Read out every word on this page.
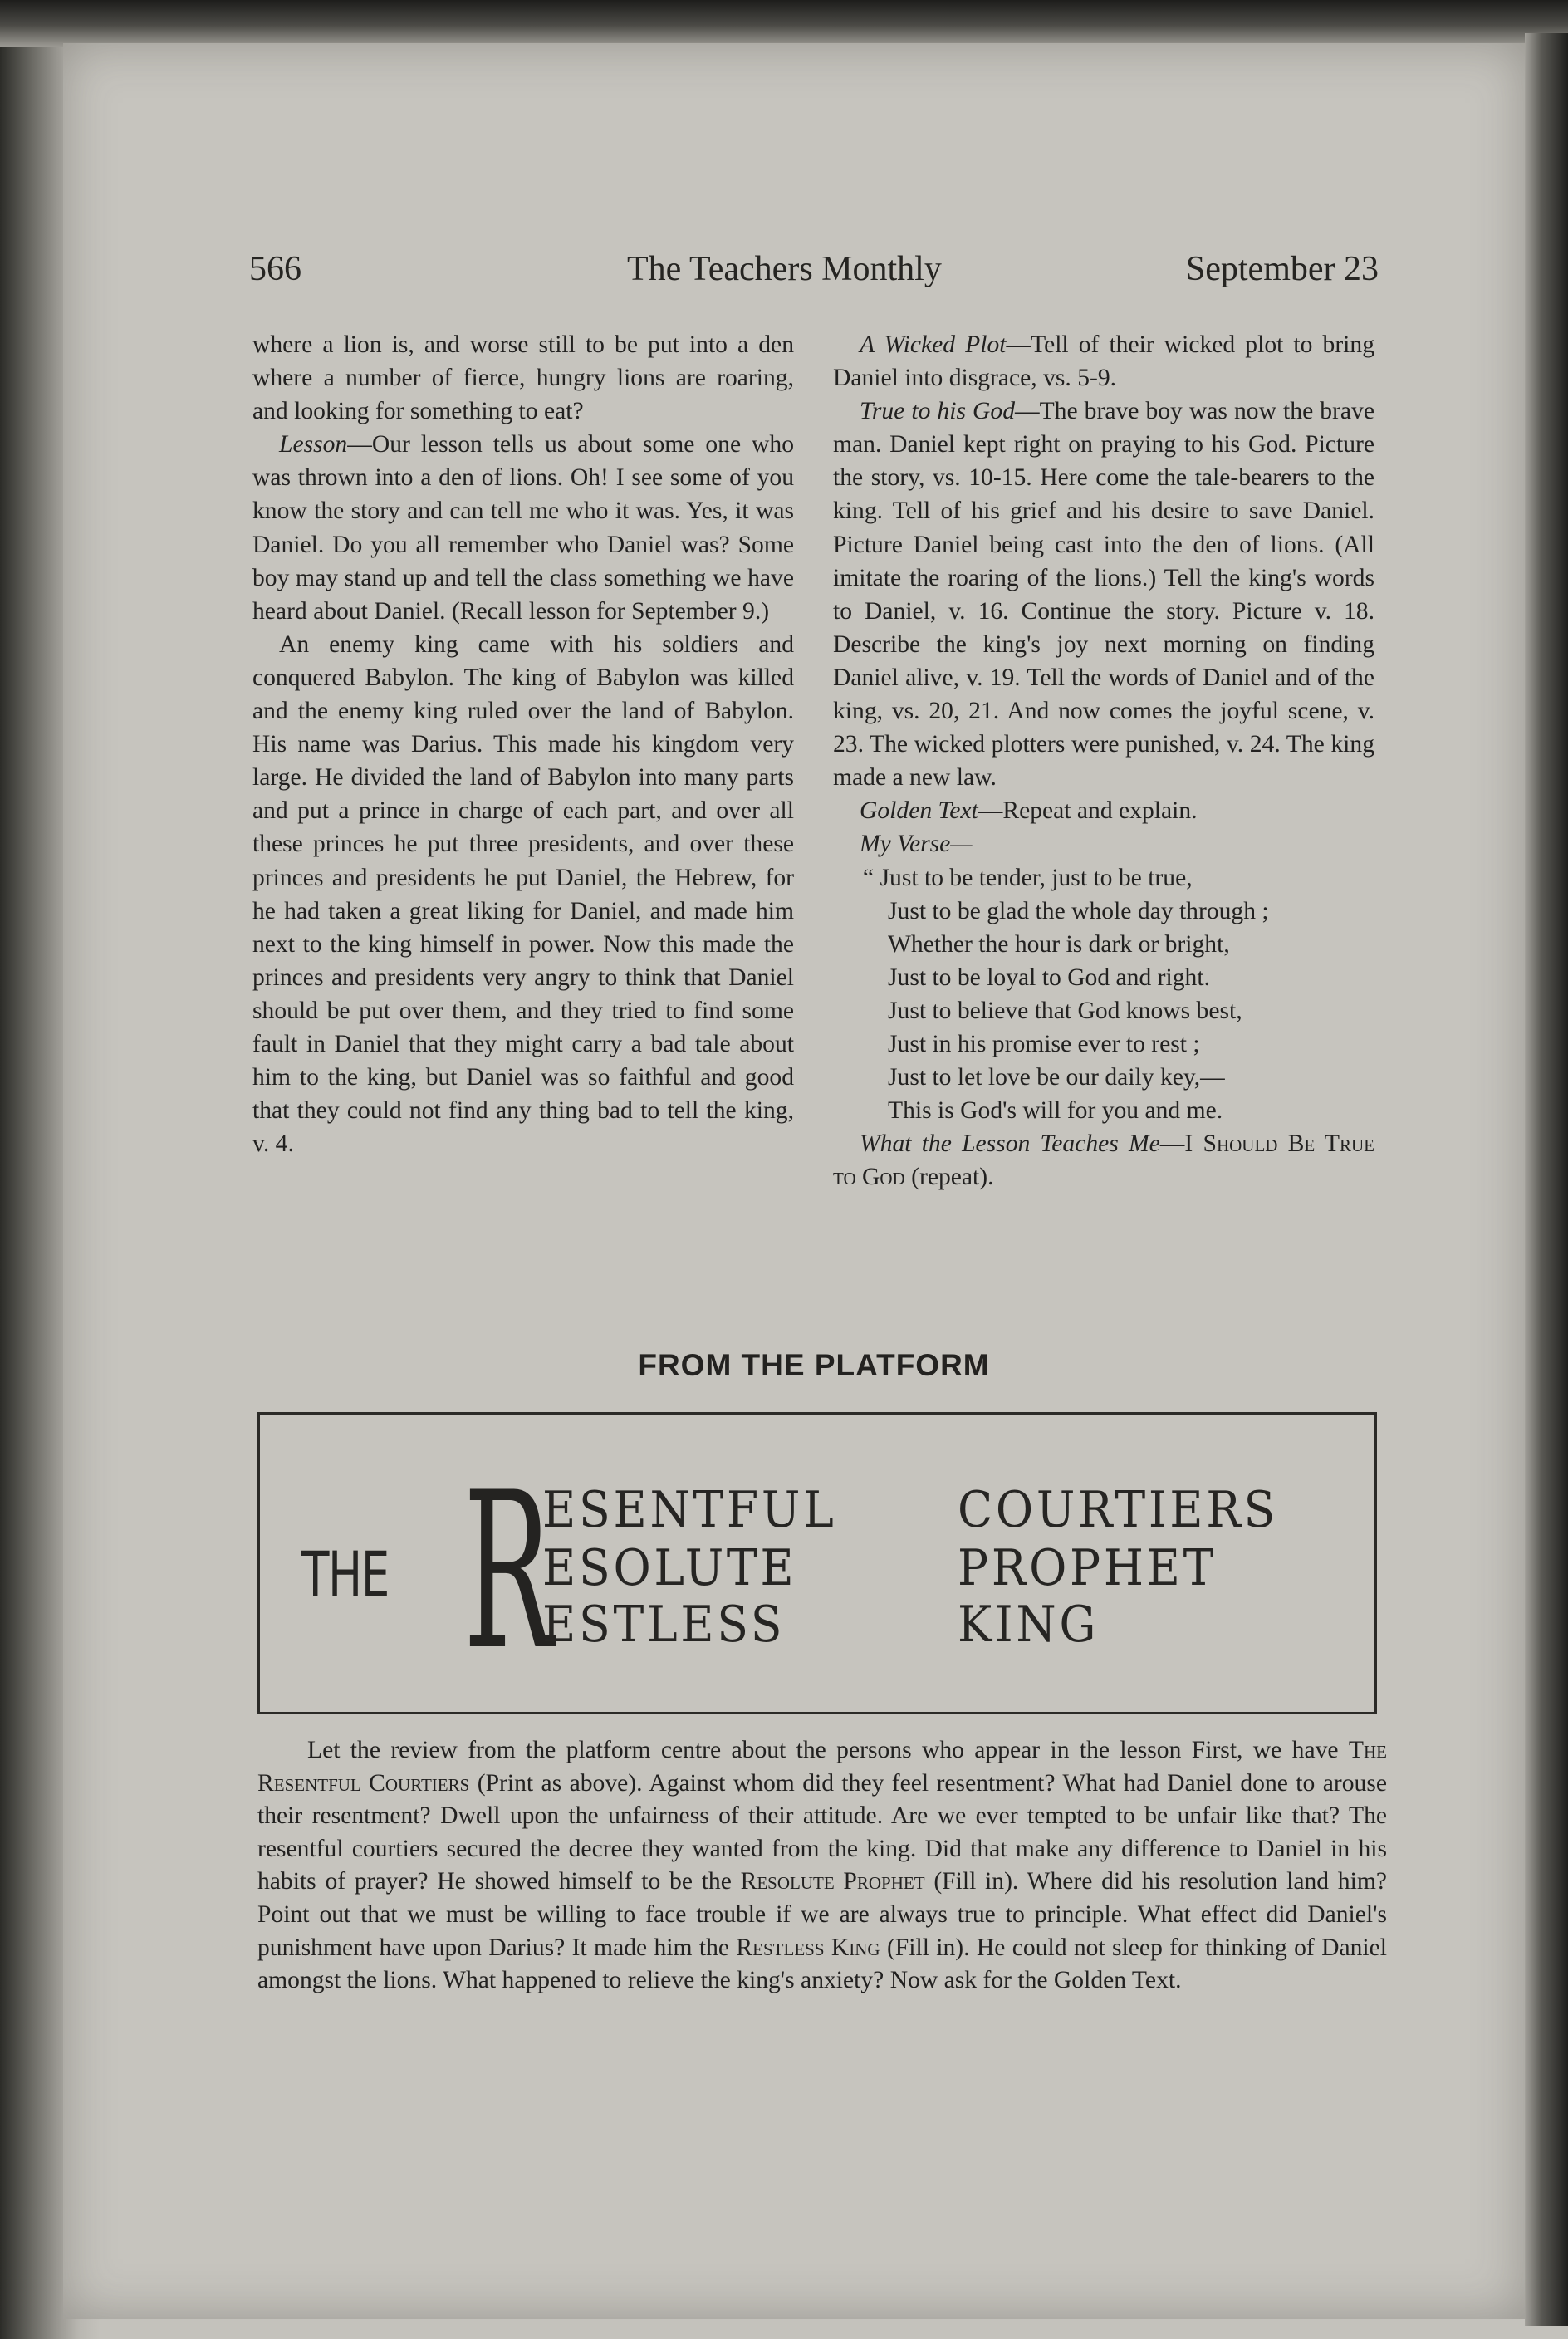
566	The Teachers Monthly	September 23

where a lion is, and worse still to be put into a den where a number of fierce, hungry lions are roaring, and looking for something to eat?

Lesson—Our lesson tells us about some one who was thrown into a den of lions. Oh! I see some of you know the story and can tell me who it was. Yes, it was Daniel. Do you all remember who Daniel was? Some boy may stand up and tell the class something we have heard about Daniel. (Recall lesson for September 9.)

An enemy king came with his soldiers and conquered Babylon. The king of Babylon was killed and the enemy king ruled over the land of Babylon. His name was Darius. This made his kingdom very large. He divided the land of Babylon into many parts and put a prince in charge of each part, and over all these princes he put three presidents, and over these princes and presidents he put Daniel, the Hebrew, for he had taken a great liking for Daniel, and made him next to the king himself in power. Now this made the princes and presidents very angry to think that Daniel should be put over them, and they tried to find some fault in Daniel that they might carry a bad tale about him to the king, but Daniel was so faithful and good that they could not find any thing bad to tell the king, v. 4.

A Wicked Plot—Tell of their wicked plot to bring Daniel into disgrace, vs. 5-9.

True to his God—The brave boy was now the brave man. Daniel kept right on praying to his God. Picture the story, vs. 10-15. Here come the tale-bearers to the king. Tell of his grief and his desire to save Daniel. Picture Daniel being cast into the den of lions. (All imitate the roaring of the lions.) Tell the king's words to Daniel, v. 16. Continue the story. Picture v. 18. Describe the king's joy next morning on finding Daniel alive, v. 19. Tell the words of Daniel and of the king, vs. 20, 21. And now comes the joyful scene, v. 23. The wicked plotters were punished, v. 24. The king made a new law.

Golden Text—Repeat and explain.

My Verse—

“ Just to be tender, just to be true,
Just to be glad the whole day through ;
Whether the hour is dark or bright,
Just to be loyal to God and right.
Just to believe that God knows best,
Just in his promise ever to rest ;
Just to let love be our daily key,—
This is God's will for you and me.

What the Lesson Teaches Me—I Should Be True to God (repeat).

FROM THE PLATFORM
THE R
ESENTFUL
ESOLUTE
ESTLESS
COURTIERS
PROPHET
KING

Let the review from the platform centre about the persons who appear in the lesson First, we have The Resentful Courtiers (Print as above). Against whom did they feel resentment? What had Daniel done to arouse their resentment? Dwell upon the unfairness of their attitude. Are we ever tempted to be unfair like that? The resentful courtiers secured the decree they wanted from the king. Did that make any difference to Daniel in his habits of prayer? He showed himself to be the Resolute Prophet (Fill in). Where did his resolution land him? Point out that we must be willing to face trouble if we are always true to principle. What effect did Daniel's punishment have upon Darius? It made him the Restless King (Fill in). He could not sleep for thinking of Daniel amongst the lions. What happened to relieve the king's anxiety? Now ask for the Golden Text.
